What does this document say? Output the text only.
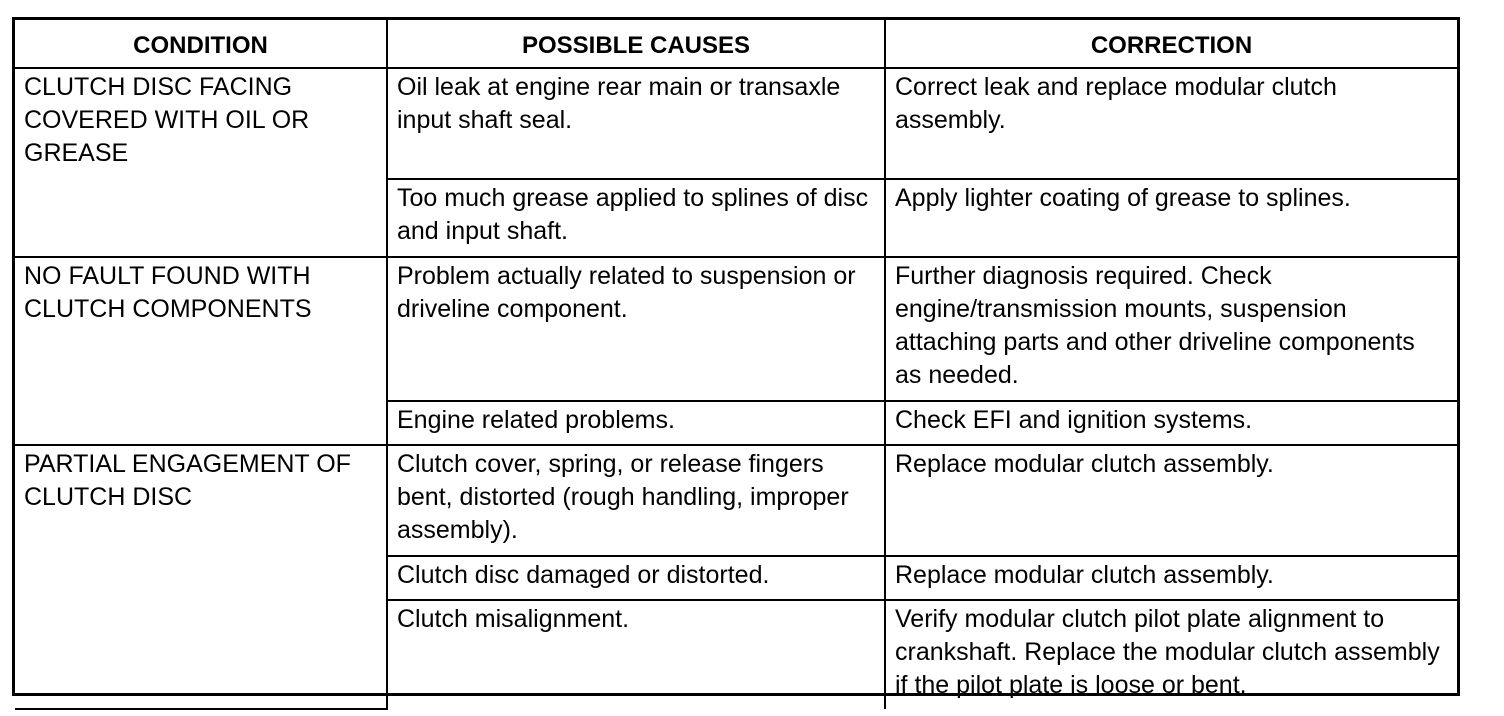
CONDITION	POSSIBLE CAUSES	CORRECTION
CLUTCH DISC FACING COVERED WITH OIL OR GREASE	Oil leak at engine rear main or transaxle input shaft seal.	Correct leak and replace modular clutch assembly.
	Too much grease applied to splines of disc and input shaft.	Apply lighter coating of grease to splines.
NO FAULT FOUND WITH CLUTCH COMPONENTS	Problem actually related to suspension or driveline component.	Further diagnosis required. Check engine/transmission mounts, suspension attaching parts and other driveline components as needed.
	Engine related problems.	Check EFI and ignition systems.
PARTIAL ENGAGEMENT OF CLUTCH DISC	Clutch cover, spring, or release fingers bent, distorted (rough handling, improper assembly).	Replace modular clutch assembly.
	Clutch disc damaged or distorted.	Replace modular clutch assembly.
	Clutch misalignment.	Verify modular clutch pilot plate alignment to crankshaft. Replace the modular clutch assembly if the pilot plate is loose or bent.
